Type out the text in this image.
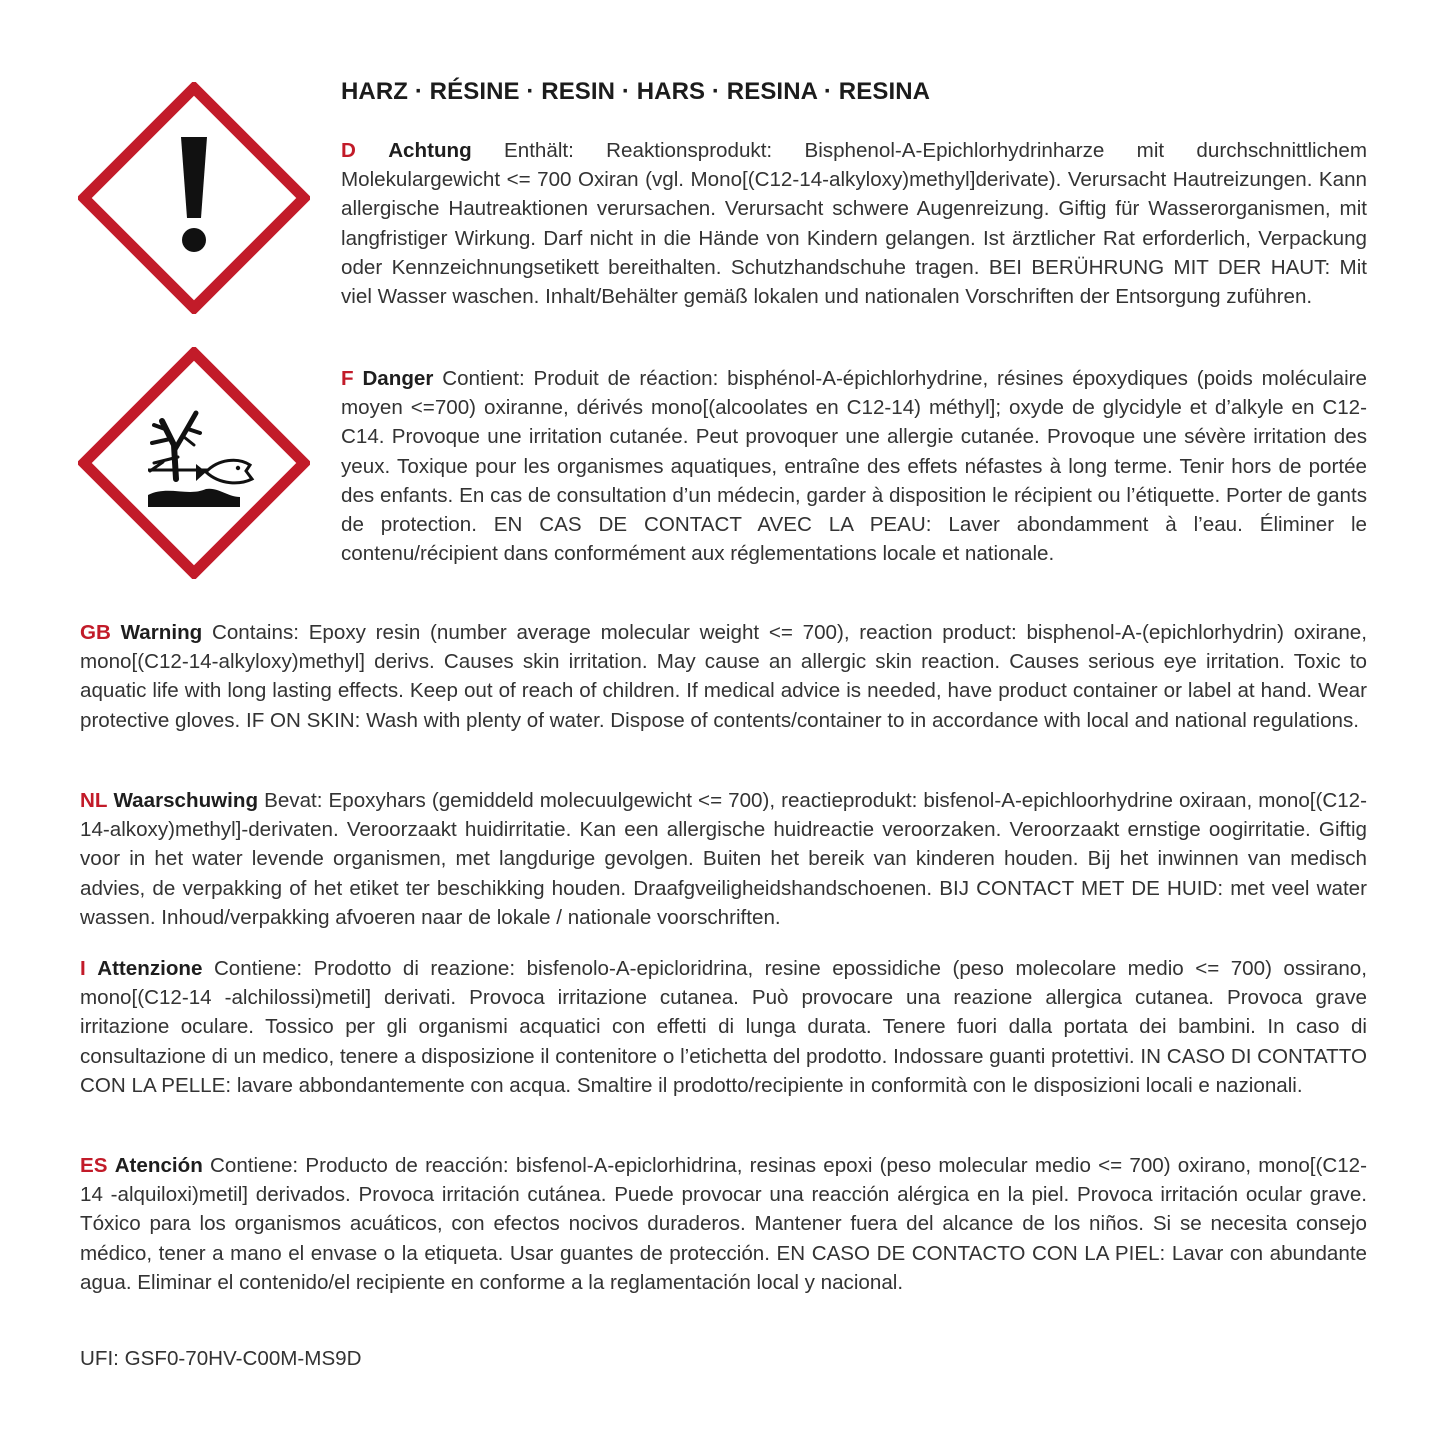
HARZ · RÉSINE · RESIN · HARS · RESINA · RESINA
D Achtung Enthält: Reaktionsprodukt: Bisphenol-A-Epichlorhydrinharze mit durchschnittlichem Molekulargewicht <= 700 Oxiran (vgl. Mono[(C12-14-alkyloxy)methyl]derivate). Verursacht Hautreizungen. Kann allergische Hautreaktionen verursachen. Verursacht schwere Augenreizung. Giftig für Wasserorganismen, mit langfristiger Wirkung. Darf nicht in die Hände von Kindern gelangen. Ist ärztlicher Rat erforderlich, Verpackung oder Kennzeichnungsetikett bereithalten. Schutzhandschuhe tragen. BEI BERÜHRUNG MIT DER HAUT: Mit viel Wasser waschen. Inhalt/Behälter gemäß lokalen und nationalen Vorschriften der Entsorgung zuführen.
F Danger Contient: Produit de réaction: bisphénol-A-épichlorhydrine, résines époxydiques (poids moléculaire moyen <=700) oxiranne, dérivés mono[(alcoolates en C12-14) méthyl]; oxyde de glycidyle et d’alkyle en C12-C14. Provoque une irritation cutanée. Peut provoquer une allergie cutanée. Provoque une sévère irritation des yeux. Toxique pour les organismes aquatiques, entraîne des effets néfastes à long terme. Tenir hors de portée des enfants. En cas de consultation d’un médecin, garder à disposition le récipient ou l’étiquette. Porter de gants de protection. EN CAS DE CONTACT AVEC LA PEAU: Laver abondamment à l’eau. Éliminer le contenu/récipient dans conformément aux réglementations locale et nationale.
GB Warning Contains: Epoxy resin (number average molecular weight <= 700), reaction product: bisphenol-A-(epichlorhydrin) oxirane, mono[(C12-14-alkyloxy)methyl] derivs. Causes skin irritation. May cause an allergic skin reaction. Causes serious eye irritation. Toxic to aquatic life with long lasting effects. Keep out of reach of children. If medical advice is needed, have product container or label at hand. Wear protective gloves. IF ON SKIN: Wash with plenty of water. Dispose of contents/container to in accordance with local and national regulations.
NL Waarschuwing Bevat: Epoxyhars (gemiddeld molecuulgewicht <= 700), reactieprodukt: bisfenol-A-epichloorhydrine oxiraan, mono[(C12-14-alkoxy)methyl]-derivaten. Veroorzaakt huidirritatie. Kan een allergische huidreactie veroorzaken. Veroorzaakt ernstige oogirritatie. Giftig voor in het water levende organismen, met langdurige gevolgen. Buiten het bereik van kinderen houden. Bij het inwinnen van medisch advies, de verpakking of het etiket ter beschikking houden. Draafgveiligheidshandschoenen. BIJ CONTACT MET DE HUID: met veel water wassen. Inhoud/verpakking afvoeren naar de lokale / nationale voorschriften.
I Attenzione Contiene: Prodotto di reazione: bisfenolo-A-epicloridrina, resine epossidiche (peso molecolare medio <= 700) ossirano, mono[(C12-14 -alchilossi)metil] derivati. Provoca irritazione cutanea. Può provocare una reazione allergica cutanea. Provoca grave irritazione oculare. Tossico per gli organismi acquatici con effetti di lunga durata. Tenere fuori dalla portata dei bambini. In caso di consultazione di un medico, tenere a disposizione il contenitore o l’etichetta del prodotto. Indossare guanti protettivi. IN CASO DI CONTATTO CON LA PELLE: lavare abbondantemente con acqua. Smaltire il prodotto/recipiente in conformità con le disposizioni locali e nazionali.
ES Atención Contiene: Producto de reacción: bisfenol-A-epiclorhidrina, resinas epoxi (peso molecular medio <= 700) oxirano, mono[(C12-14 -alquiloxi)metil] derivados. Provoca irritación cutánea. Puede provocar una reacción alérgica en la piel. Provoca irritación ocular grave. Tóxico para los organismos acuáticos, con efectos nocivos duraderos. Mantener fuera del alcance de los niños. Si se necesita consejo médico, tener a mano el envase o la etiqueta. Usar guantes de protección. EN CASO DE CONTACTO CON LA PIEL: Lavar con abundante agua. Eliminar el contenido/el recipiente en conforme a la reglamentación local y nacional.
UFI: GSF0-70HV-C00M-MS9D
